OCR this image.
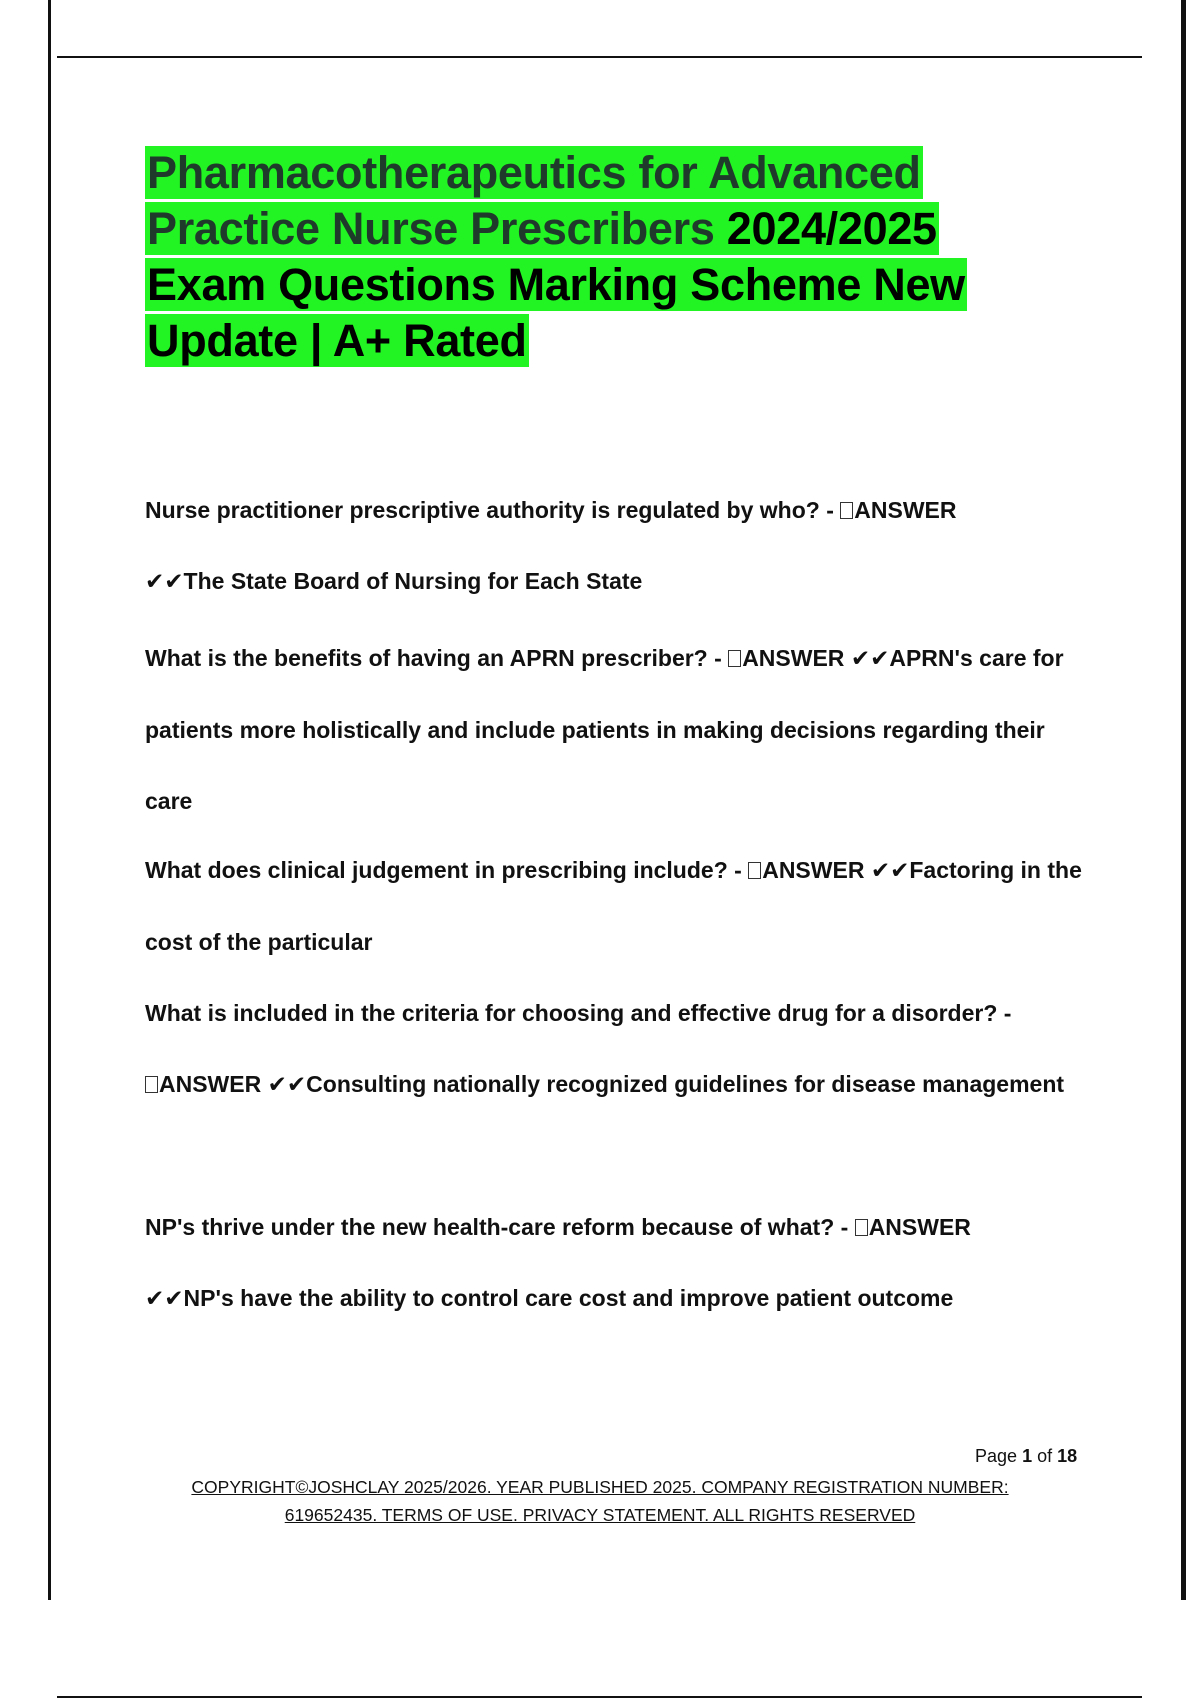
Pharmacotherapeutics for Advanced Practice Nurse Prescribers 2024/2025 Exam Questions Marking Scheme New Update | A+ Rated

Nurse practitioner prescriptive authority is regulated by who? - ANSWER
✔✔The State Board of Nursing for Each State

What is the benefits of having an APRN prescriber? - ANSWER ✔✔APRN's care for patients more holistically and include patients in making decisions regarding their care

What does clinical judgement in prescribing include? - ANSWER ✔✔Factoring in the cost of the particular

What is included in the criteria for choosing and effective drug for a disorder? -
ANSWER ✔✔Consulting nationally recognized guidelines for disease management

NP's thrive under the new health-care reform because of what? - ANSWER
✔✔NP's have the ability to control care cost and improve patient outcome

Page 1 of 18
COPYRIGHT©JOSHCLAY 2025/2026. YEAR PUBLISHED 2025. COMPANY REGISTRATION NUMBER:
619652435. TERMS OF USE. PRIVACY STATEMENT. ALL RIGHTS RESERVED
